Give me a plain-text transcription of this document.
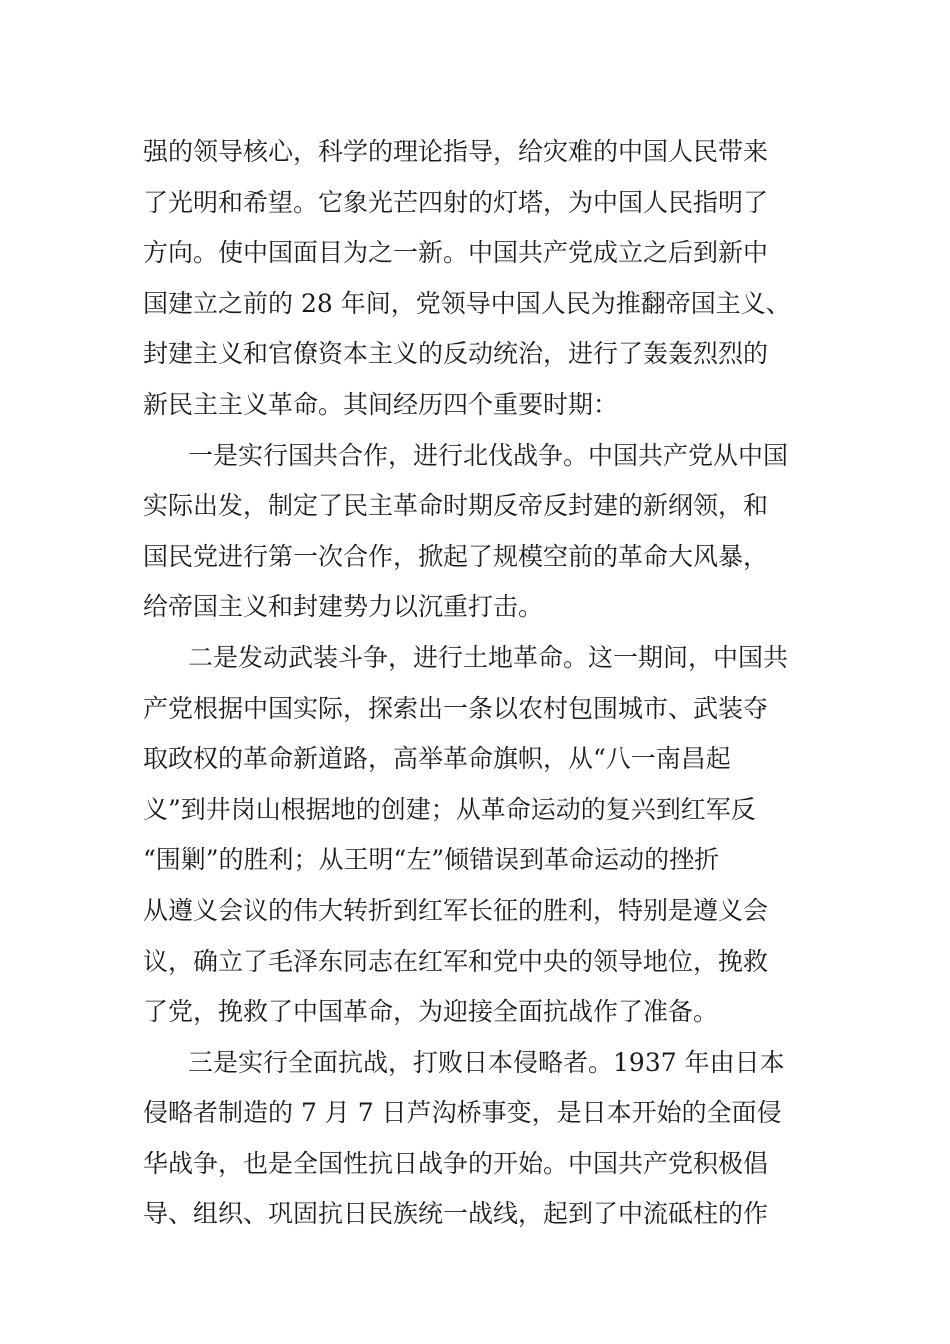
强的领导核心，科学的理论指导，给灾难的中国人民带来
了光明和希望。它象光芒四射的灯塔，为中国人民指明了
方向。使中国面目为之一新。中国共产党成立之后到新中
国建立之前的 28 年间，党领导中国人民为推翻帝国主义、
封建主义和官僚资本主义的反动统治，进行了轰轰烈烈的
新民主主义革命。其间经历四个重要时期：

一是实行国共合作，进行北伐战争。中国共产党从中国
实际出发，制定了民主革命时期反帝反封建的新纲领，和
国民党进行第一次合作，掀起了规模空前的革命大风暴，
给帝国主义和封建势力以沉重打击。

二是发动武装斗争，进行土地革命。这一期间，中国共
产党根据中国实际，探索出一条以农村包围城市、武装夺
取政权的革命新道路，高举革命旗帜，从“八一南昌起
义”到井岗山根据地的创建；从革命运动的复兴到红军反
“围剿”的胜利；从王明“左”倾错误到革命运动的挫折
从遵义会议的伟大转折到红军长征的胜利，特别是遵义会
议，确立了毛泽东同志在红军和党中央的领导地位，挽救
了党，挽救了中国革命，为迎接全面抗战作了准备。

三是实行全面抗战，打败日本侵略者。1937 年由日本
侵略者制造的 7 月 7 日芦沟桥事变，是日本开始的全面侵
华战争，也是全国性抗日战争的开始。中国共产党积极倡
导、组织、巩固抗日民族统一战线，起到了中流砥柱的作
